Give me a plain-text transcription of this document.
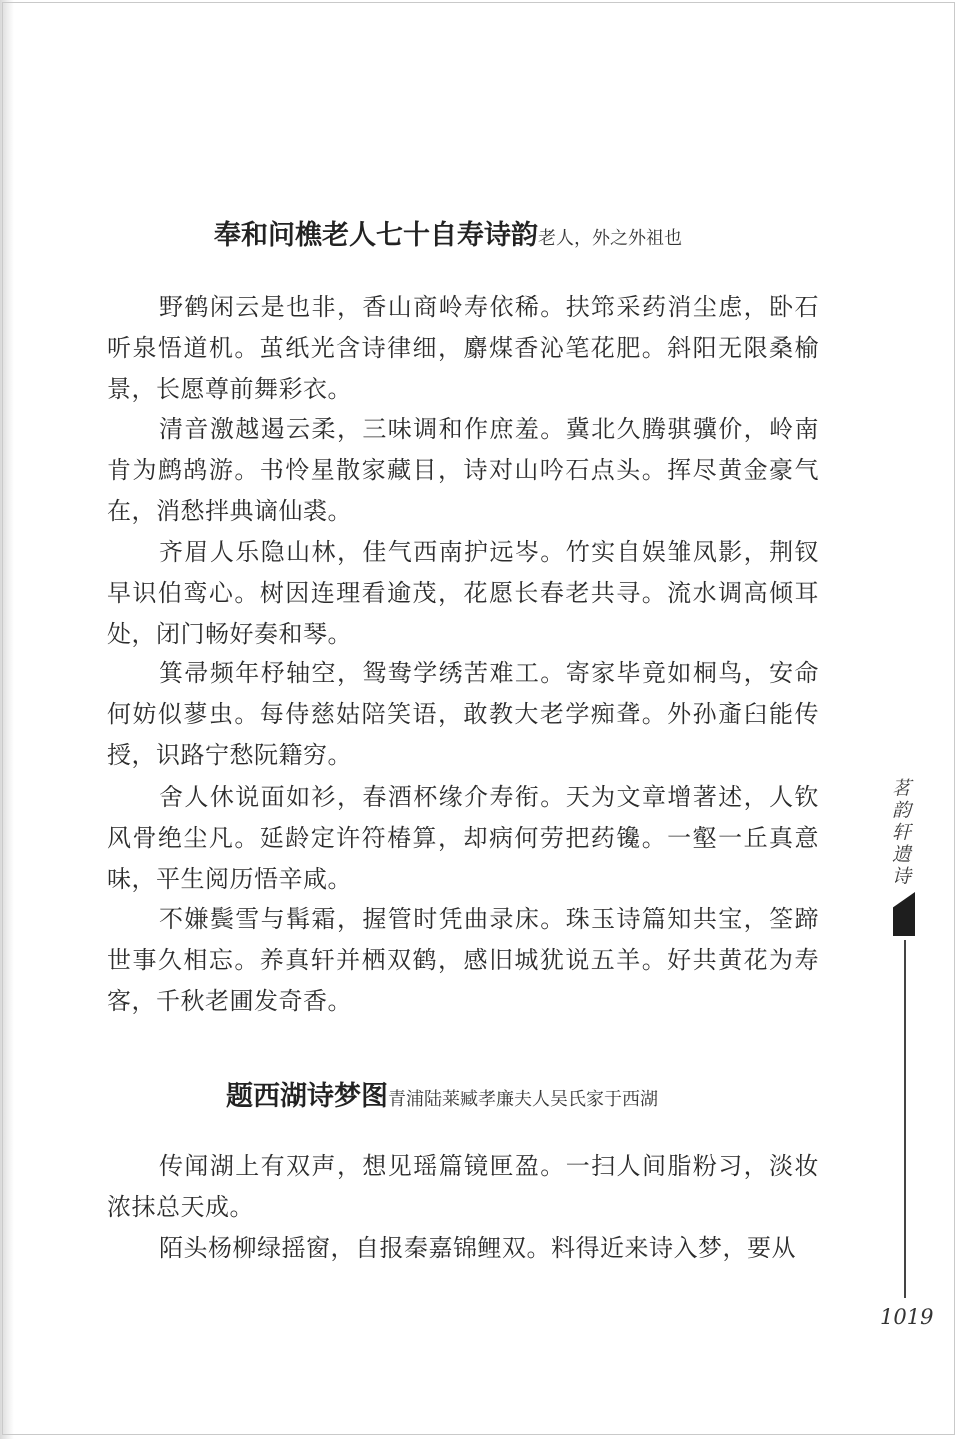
奉和问樵老人七十自寿诗韵老人，外之外祖也
野鹤闲云是也非，香山商岭寿依稀。扶筇采药消尘虑，卧石听泉悟道机。茧纸光含诗律细，麝煤香沁笔花肥。斜阳无限桑榆景，长愿尊前舞彩衣。
清音激越遏云柔，三味调和作庶羞。冀北久腾骐骥价，岭南肯为鹧鸪游。书怜星散家藏目，诗对山吟石点头。挥尽黄金豪气在，消愁拌典谪仙裘。
齐眉人乐隐山林，佳气西南护远岑。竹实自娱雏凤影，荆钗早识伯鸾心。树因连理看逾茂，花愿长春老共寻。流水调高倾耳处，闭门畅好奏和琴。
箕帚频年杼轴空，鸳鸯学绣苦难工。寄家毕竟如桐鸟，安命何妨似蓼虫。每侍慈姑陪笑语，敢教大老学痴聋。外孙齑臼能传授，识路宁愁阮籍穷。
舍人休说面如衫，春酒杯缘介寿衔。天为文章增著述，人钦风骨绝尘凡。延龄定许符椿算，却病何劳把药镵。一壑一丘真意味，平生阅历悟辛咸。
不嫌鬓雪与髯霜，握管时凭曲录床。珠玉诗篇知共宝，筌蹄世事久相忘。养真轩并栖双鹤，感旧城犹说五羊。好共黄花为寿客，千秋老圃发奇香。
题西湖诗梦图青浦陆莱臧孝廉夫人吴氏家于西湖
传闻湖上有双声，想见瑶篇镜匣盈。一扫人间脂粉习，淡妆浓抹总天成。
陌头杨柳绿摇窗，自报秦嘉锦鲤双。料得近来诗入梦，要从
茗韵轩遗诗
1019
